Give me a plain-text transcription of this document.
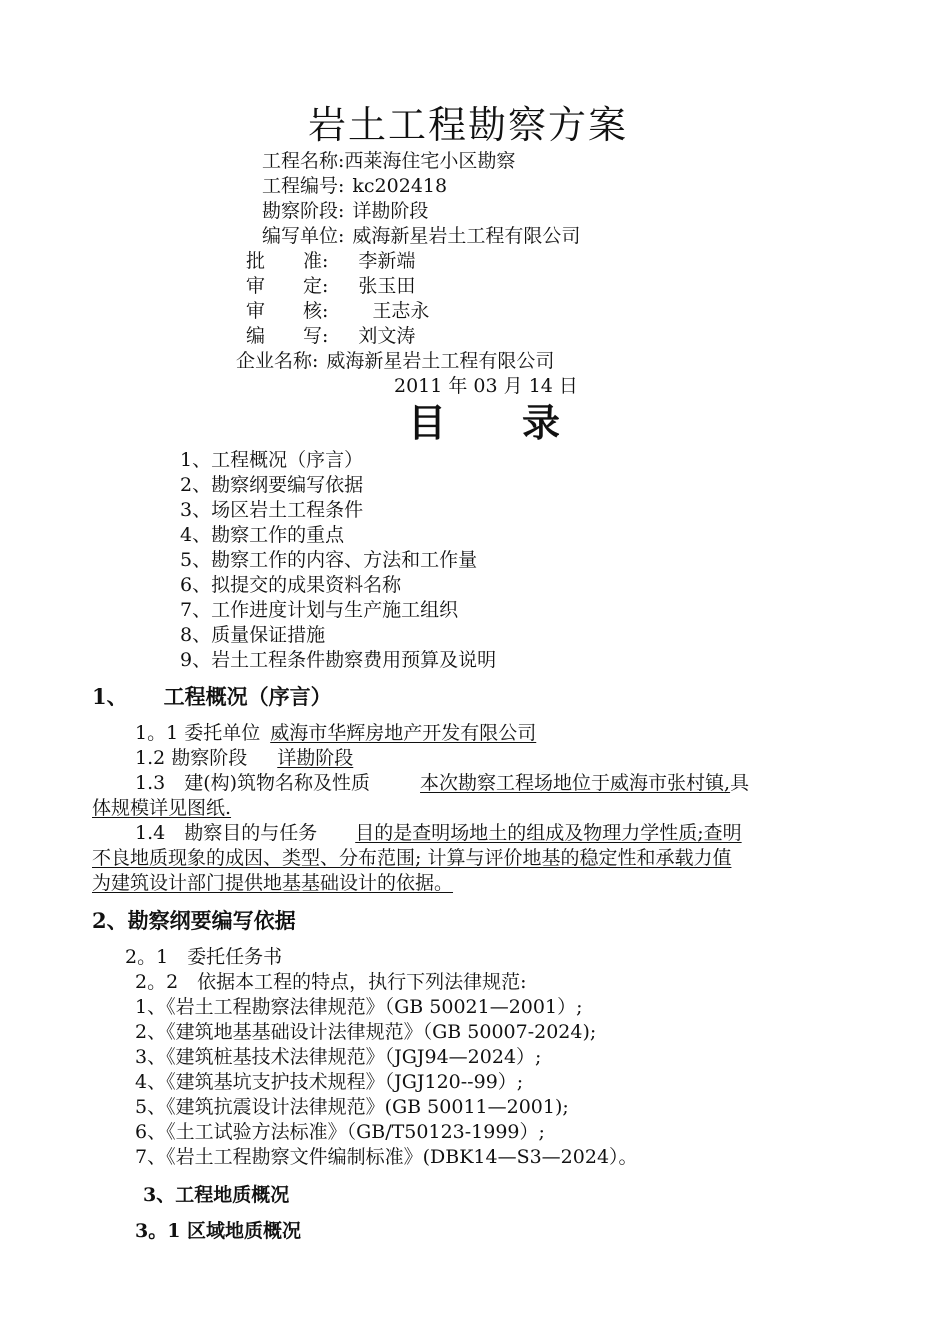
岩土工程勘察方案
工程名称:西莱海住宅小区勘察
工程编号: kc202418
勘察阶段: 详勘阶段
编写单位: 威海新星岩土工程有限公司
批　　准: 李新端
审　　定: 张玉田
审　　核: 王志永
编　　写: 刘文涛
企业名称: 威海新星岩土工程有限公司
2011 年 03 月 14 日
目　　录
1、工程概况（序言）
2、勘察纲要编写依据
3、场区岩土工程条件
4、勘察工作的重点
5、勘察工作的内容、方法和工作量
6、拟提交的成果资料名称
7、工作进度计划与生产施工组织
8、质量保证措施
9、岩土工程条件勘察费用预算及说明
1、 工程概况（序言）
1。1 委托单位 威海市华辉房地产开发有限公司
1.2 勘察阶段 详勘阶段
1.3　建(构)筑物名称及性质	本次勘察工程场地位于威海市张村镇,具
体规模详见图纸.
1.4　勘察目的与任务 目的是查明场地土的组成及物理力学性质;查明
不良地质现象的成因、类型、分布范围; 计算与评价地基的稳定性和承载力值
为建筑设计部门提供地基基础设计的依据。
2、勘察纲要编写依据
2。1　委托任务书
2。2　依据本工程的特点，执行下列法律规范:
1、《岩土工程勘察法律规范》（GB 50021—2001）;
2、《建筑地基基础设计法律规范》（GB 50007-2024);
3、《建筑桩基技术法律规范》（JGJ94—2024）;
4、《建筑基坑支护技术规程》（JGJ120--99）;
5、《建筑抗震设计法律规范》(GB 50011—2001);
6、《土工试验方法标准》（GB/T50123-1999）;
7、《岩土工程勘察文件编制标准》(DBK14—S3—2024）。
3、工程地质概况
3。1 区域地质概况
